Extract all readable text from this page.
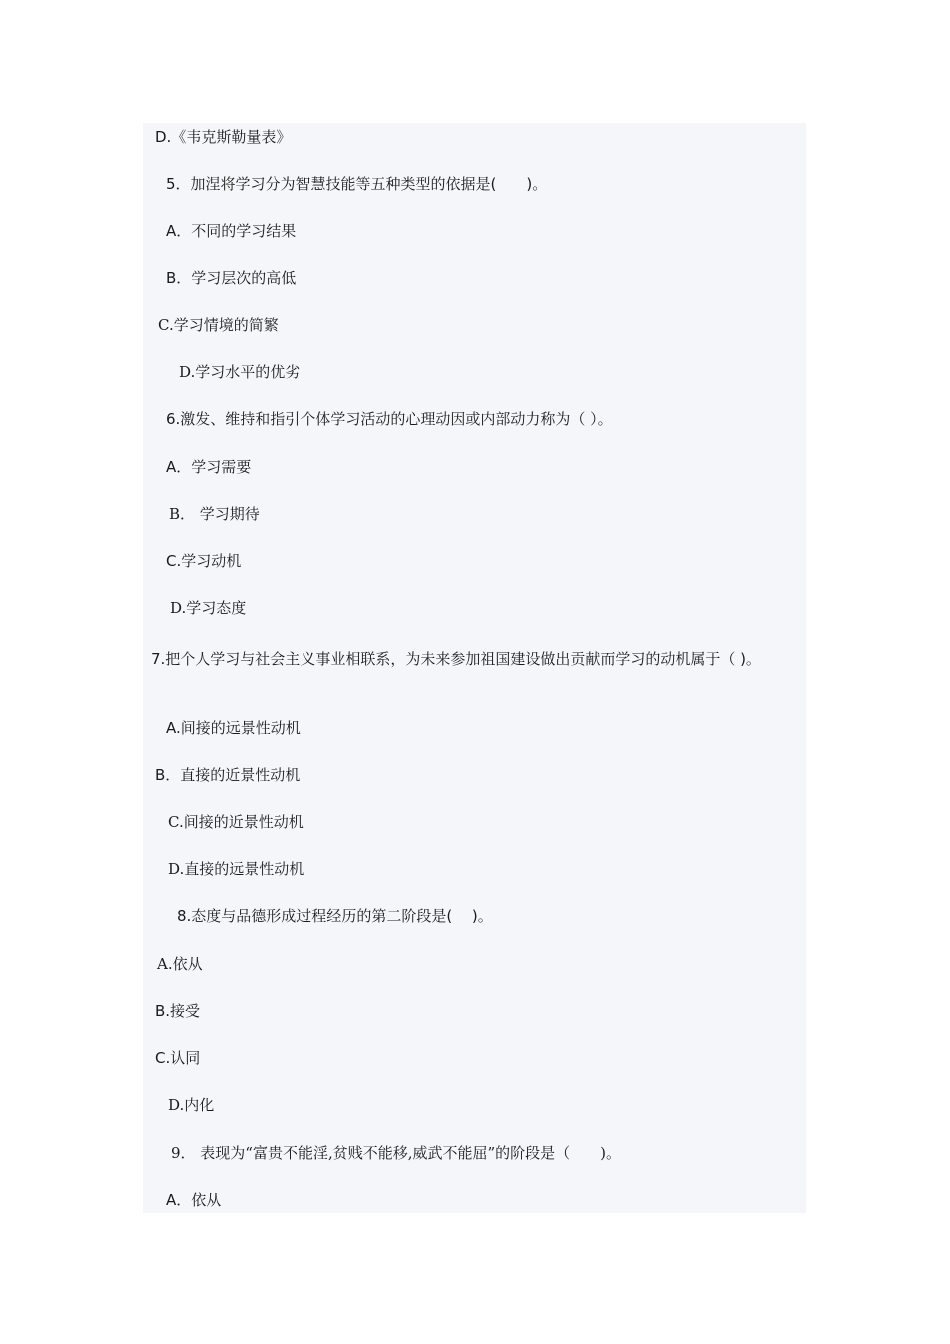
D.《韦克斯勒量表》

5．加涅将学习分为智慧技能等五种类型的依据是(　　)。

A．不同的学习结果

B．学习层次的高低

C.学习情境的简繁

D.学习水平的优劣

6.激发、维持和指引个体学习活动的心理动因或内部动力称为（ ）。

A．学习需要

B． 学习期待

C.学习动机

D.学习态度

7.把个人学习与社会主义事业相联系，为未来参加祖国建设做出贡献而学习的动机属于（ )。

A.间接的远景性动机

B．直接的近景性动机

C.间接的近景性动机

D.直接的远景性动机

8.态度与品德形成过程经历的第二阶段是(　 )。

A.依从

B.接受

C.认同

D.内化

9． 表现为“富贵不能淫,贫贱不能移,威武不能屈”的阶段是（　　)。

A．依从
